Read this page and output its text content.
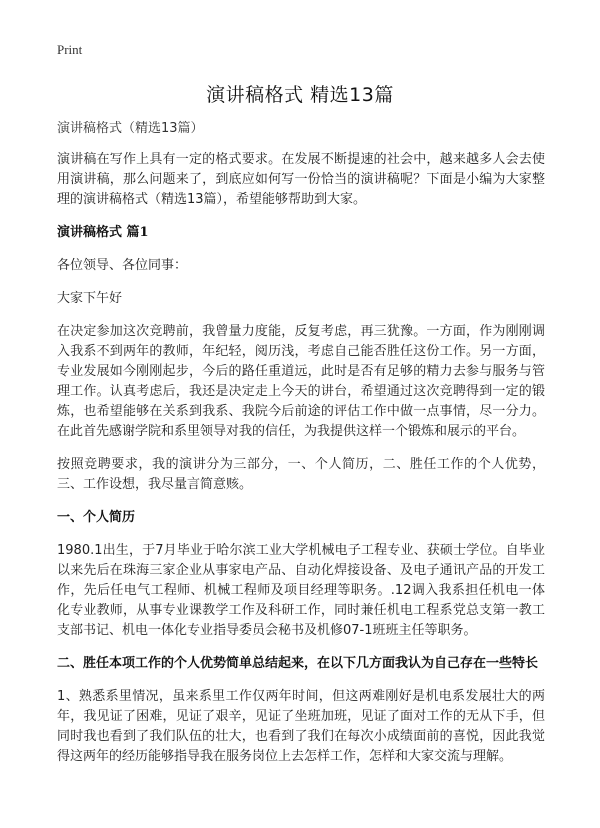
Print
演讲稿格式 精选13篇

演讲稿格式（精选13篇）

演讲稿在写作上具有一定的格式要求。在发展不断提速的社会中，越来越多人会去使用演讲稿，那么问题来了，到底应如何写一份恰当的演讲稿呢？下面是小编为大家整理的演讲稿格式（精选13篇），希望能够帮助到大家。

演讲稿格式 篇1

各位领导、各位同事：

大家下午好

在决定参加这次竞聘前，我曾量力度能，反复考虑，再三犹豫。一方面，作为刚刚调入我系不到两年的教师，年纪轻，阅历浅，考虑自己能否胜任这份工作。另一方面，专业发展如今刚刚起步，今后的路任重道远，此时是否有足够的精力去参与服务与管理工作。认真考虑后，我还是决定走上今天的讲台，希望通过这次竞聘得到一定的锻炼，也希望能够在关系到我系、我院今后前途的评估工作中做一点事情，尽一分力。在此首先感谢学院和系里领导对我的信任，为我提供这样一个锻炼和展示的平台。

按照竞聘要求，我的演讲分为三部分，一、个人简历，二、胜任工作的个人优势，三、工作设想，我尽量言简意赅。

一、个人简历

1980.1出生，于7月毕业于哈尔滨工业大学机械电子工程专业、获硕士学位。自毕业以来先后在珠海三家企业从事家电产品、自动化焊接设备、及电子通讯产品的开发工作，先后任电气工程师、机械工程师及项目经理等职务。.12调入我系担任机电一体化专业教师，从事专业课教学工作及科研工作，同时兼任机电工程系党总支第一教工支部书记、机电一体化专业指导委员会秘书及机修07-1班班主任等职务。

二、胜任本项工作的个人优势简单总结起来，在以下几方面我认为自己存在一些特长

1、熟悉系里情况，虽来系里工作仅两年时间，但这两难刚好是机电系发展壮大的两年，我见证了困难，见证了艰辛，见证了坐班加班，见证了面对工作的无从下手，但同时我也看到了我们队伍的壮大，也看到了我们在每次小成绩面前的喜悦，因此我觉得这两年的经历能够指导我在服务岗位上去怎样工作，怎样和大家交流与理解。
